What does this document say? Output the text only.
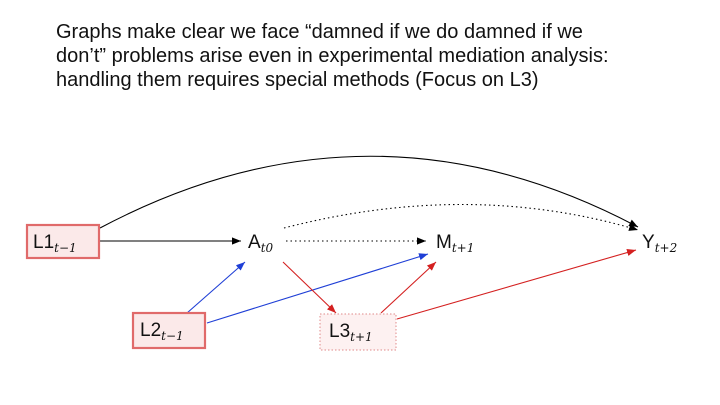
Graphs make clear we face “damned if we do damned if we
don’t” problems arise even in experimental mediation analysis:
handling them requires special methods (Focus on L3)
$L1_{t-1}$	$A_{t0}$	$M_{t+1}$	$Y_{t+2}$
$L2_{t-1}$	$L3_{t+1}$
